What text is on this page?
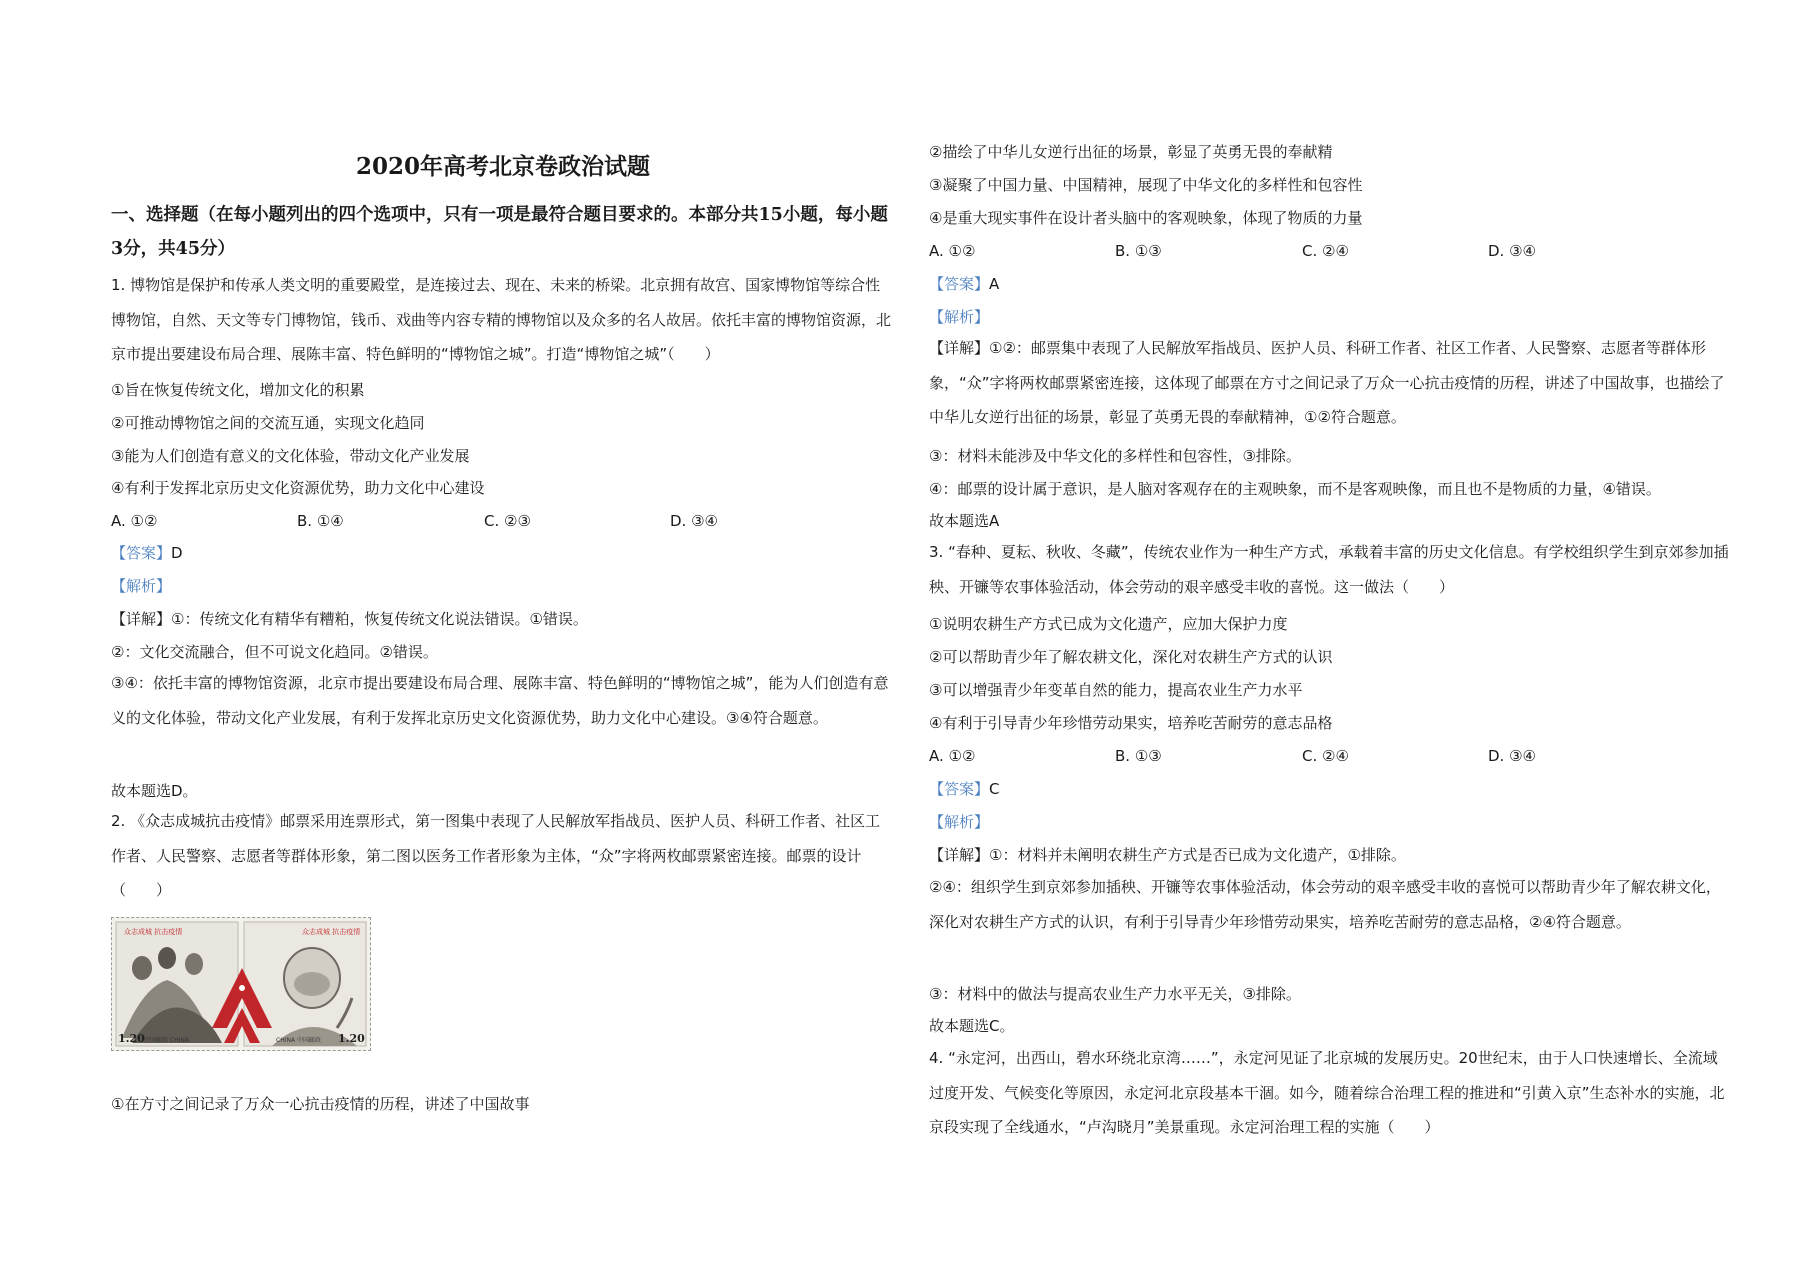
2020年高考北京卷政治试题
一、选择题（在每小题列出的四个选项中，只有一项是最符合题目要求的。本部分共15小题，每小题3分，共45分）
1. 博物馆是保护和传承人类文明的重要殿堂，是连接过去、现在、未来的桥梁。北京拥有故宫、国家博物馆等综合性博物馆，自然、天文等专门博物馆，钱币、戏曲等内容专精的博物馆以及众多的名人故居。依托丰富的博物馆资源，北京市提出要建设布局合理、展陈丰富、特色鲜明的“博物馆之城”。打造“博物馆之城”（　　）
①旨在恢复传统文化，增加文化的积累
②可推动博物馆之间的交流互通，实现文化趋同
③能为人们创造有意义的文化体验，带动文化产业发展
④有利于发挥北京历史文化资源优势，助力文化中心建设
A. ①②	B. ①④	C. ②③	D. ③④
【答案】D
【解析】
【详解】①：传统文化有精华有糟粕，恢复传统文化说法错误。①错误。
②：文化交流融合，但不可说文化趋同。②错误。
③④：依托丰富的博物馆资源，北京市提出要建设布局合理、展陈丰富、特色鲜明的“博物馆之城”，能为人们创造有意义的文化体验，带动文化产业发展，有利于发挥北京历史文化资源优势，助力文化中心建设。③④符合题意。
故本题选D。
2. 《众志成城抗击疫情》邮票采用连票形式，第一图集中表现了人民解放军指战员、医护人员、科研工作者、社区工作者、人民警察、志愿者等群体形象，第二图以医务工作者形象为主体，“众”字将两枚邮票紧密连接。邮票的设计（　　）
①在方寸之间记录了万众一心抗击疫情的历程，讲述了中国故事
众志成城 抗击疫情	众志成城 抗击疫情
1.20	1.20
中国邮政 CHINA	CHINA 中国邮政
②描绘了中华儿女逆行出征的场景，彰显了英勇无畏的奉献精
③凝聚了中国力量、中国精神，展现了中华文化的多样性和包容性
④是重大现实事件在设计者头脑中的客观映象，体现了物质的力量
A. ①②	B. ①③	C. ②④	D. ③④
【答案】A
【解析】
【详解】①②：邮票集中表现了人民解放军指战员、医护人员、科研工作者、社区工作者、人民警察、志愿者等群体形象，“众”字将两枚邮票紧密连接，这体现了邮票在方寸之间记录了万众一心抗击疫情的历程，讲述了中国故事，也描绘了中华儿女逆行出征的场景，彰显了英勇无畏的奉献精神，①②符合题意。
③：材料未能涉及中华文化的多样性和包容性，③排除。
④：邮票的设计属于意识，是人脑对客观存在的主观映象，而不是客观映像，而且也不是物质的力量，④错误。
故本题选A
3. “春种、夏耘、秋收、冬藏”，传统农业作为一种生产方式，承载着丰富的历史文化信息。有学校组织学生到京郊参加插秧、开镰等农事体验活动，体会劳动的艰辛感受丰收的喜悦。这一做法（　　）
①说明农耕生产方式已成为文化遗产，应加大保护力度
②可以帮助青少年了解农耕文化，深化对农耕生产方式的认识
③可以增强青少年变革自然的能力，提高农业生产力水平
④有利于引导青少年珍惜劳动果实，培养吃苦耐劳的意志品格
A. ①②	B. ①③	C. ②④	D. ③④
【答案】C
【解析】
【详解】①：材料并未阐明农耕生产方式是否已成为文化遗产，①排除。
②④：组织学生到京郊参加插秧、开镰等农事体验活动，体会劳动的艰辛感受丰收的喜悦可以帮助青少年了解农耕文化，深化对农耕生产方式的认识，有利于引导青少年珍惜劳动果实，培养吃苦耐劳的意志品格，②④符合题意。
③：材料中的做法与提高农业生产力水平无关，③排除。
故本题选C。
4. “永定河，出西山，碧水环绕北京湾……”，永定河见证了北京城的发展历史。20世纪末，由于人口快速增长、全流域过度开发、气候变化等原因，永定河北京段基本干涸。如今，随着综合治理工程的推进和“引黄入京”生态补水的实施，北京段实现了全线通水，“卢沟晓月”美景重现。永定河治理工程的实施（　　）
